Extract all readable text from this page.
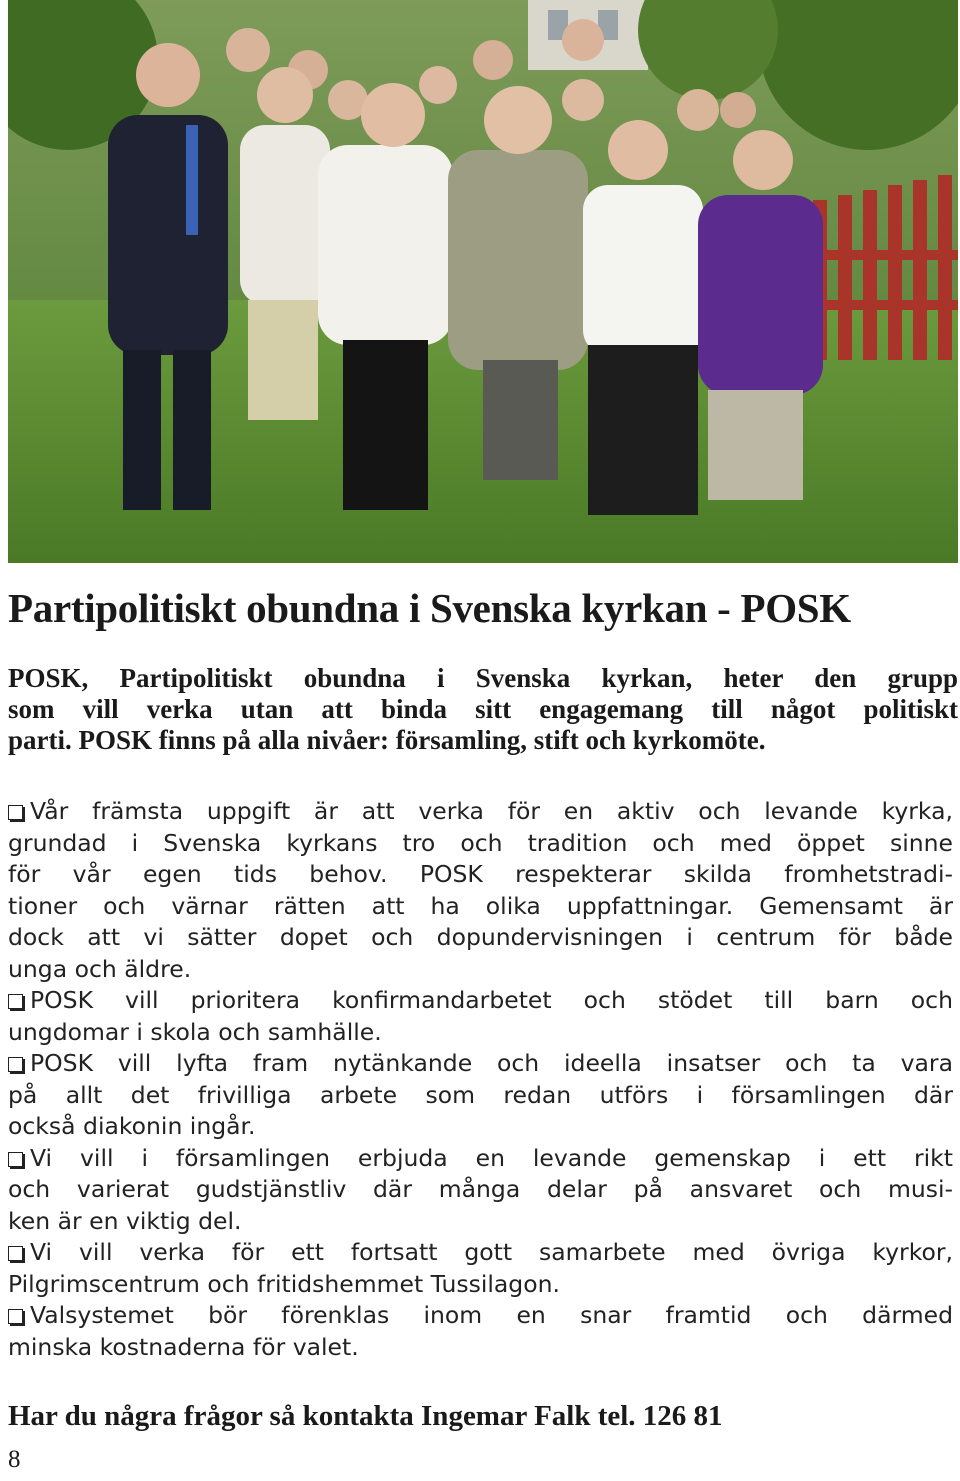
Partipolitiskt obundna i Svenska kyrkan - POSK

POSK, Partipolitiskt obundna i Svenska kyrkan, heter den grupp
som vill verka utan att binda sitt engagemang till något politiskt
parti. POSK finns på alla nivåer: församling, stift och kyrkomöte.

Vår främsta uppgift är att verka för en aktiv och levande kyrka,
grundad i Svenska kyrkans tro och tradition och med öppet sinne
för vår egen tids behov. POSK respekterar skilda fromhetstradi-
tioner och värnar rätten att ha olika uppfattningar. Gemensamt är
dock att vi sätter dopet och dopundervisningen i centrum för både
unga och äldre.
POSK vill prioritera konfirmandarbetet och stödet till barn och
ungdomar i skola och samhälle.
POSK vill lyfta fram nytänkande och ideella insatser och ta vara
på allt det frivilliga arbete som redan utförs i församlingen där
också diakonin ingår.
Vi vill i församlingen erbjuda en levande gemenskap i ett rikt
och varierat gudstjänstliv där många delar på ansvaret och musi-
ken är en viktig del.
Vi vill verka för ett fortsatt gott samarbete med övriga kyrkor,
Pilgrimscentrum och fritidshemmet Tussilagon.
Valsystemet bör förenklas inom en snar framtid och därmed
minska kostnaderna för valet.

Har du några frågor så kontakta Ingemar Falk tel. 126 81

8
